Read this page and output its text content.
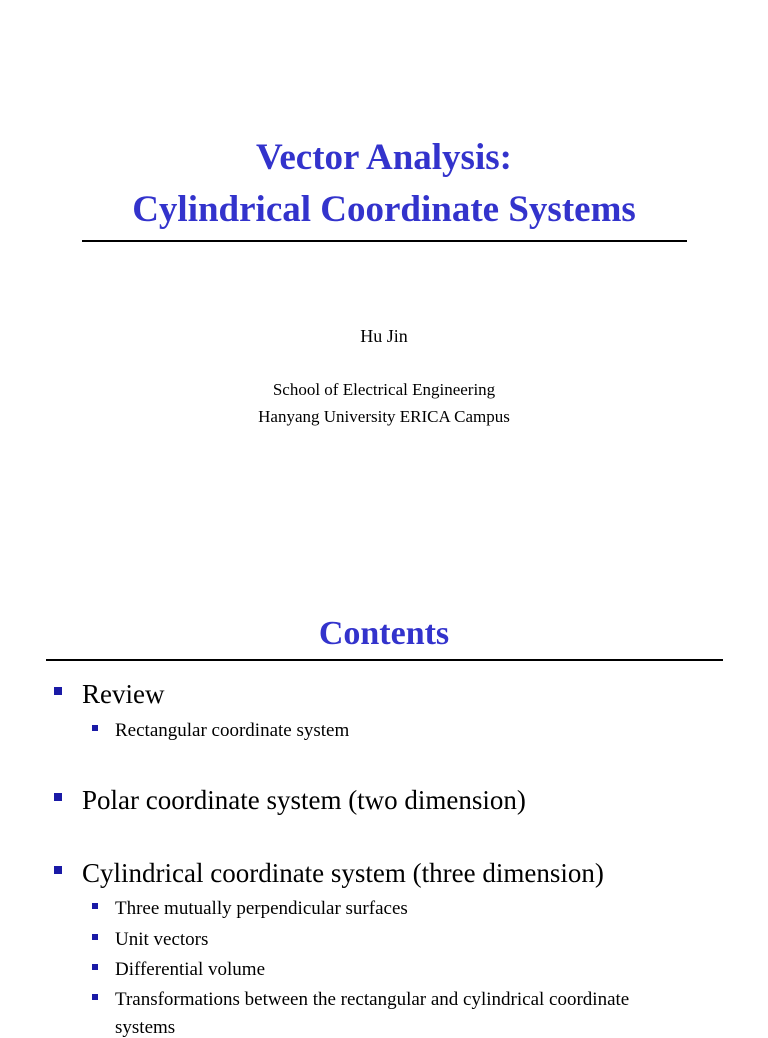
Vector Analysis:
Cylindrical Coordinate Systems
Hu Jin
School of Electrical Engineering
Hanyang University ERICA Campus
Contents
Review
Rectangular coordinate system
Polar coordinate system (two dimension)
Cylindrical coordinate system (three dimension)
Three mutually perpendicular surfaces
Unit vectors
Differential volume
Transformations between the rectangular and cylindrical coordinate
systems
